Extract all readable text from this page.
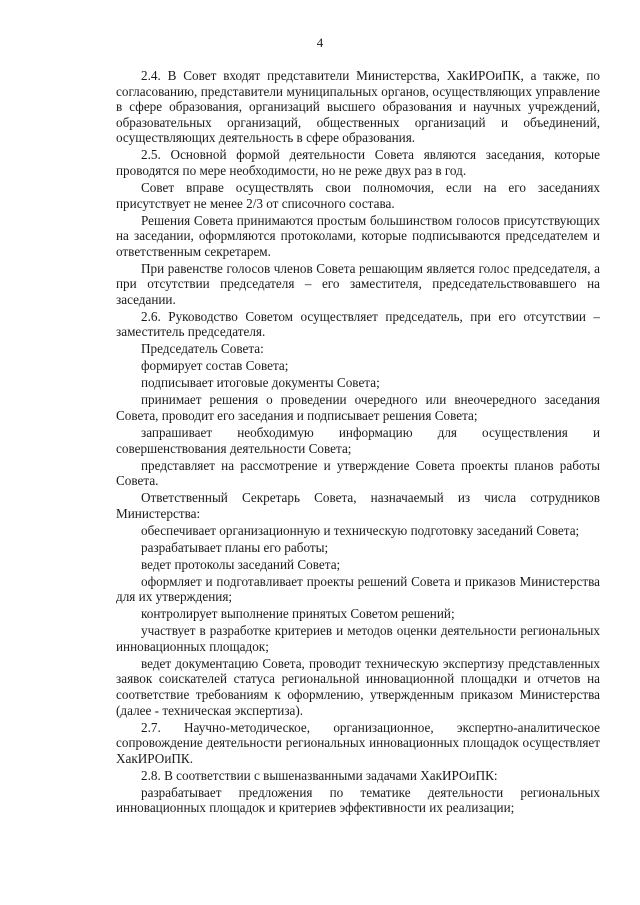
4

2.4. В Совет входят представители Министерства, ХакИРОиПК, а также, по согласованию, представители муниципальных органов, осуществляющих управление в сфере образования, организаций высшего образования и научных учреждений, образовательных организаций, общественных организаций и объединений, осуществляющих деятельность в сфере образования.

2.5. Основной формой деятельности Совета являются заседания, которые проводятся по мере необходимости, но не реже двух раз в год.

Совет вправе осуществлять свои полномочия, если на его заседаниях присутствует не менее 2/3 от списочного состава.

Решения Совета принимаются простым большинством голосов присутствующих на заседании, оформляются протоколами, которые подписываются председателем и ответственным секретарем.

При равенстве голосов членов Совета решающим является голос председателя, а при отсутствии председателя – его заместителя, председательствовавшего на заседании.

2.6. Руководство Советом осуществляет председатель, при его отсутствии – заместитель председателя.

Председатель Совета:

формирует состав Совета;

подписывает итоговые документы Совета;

принимает решения о проведении очередного или внеочередного заседания Совета, проводит его заседания и подписывает решения Совета;

запрашивает необходимую информацию для осуществления и совершенствования деятельности Совета;

представляет на рассмотрение и утверждение Совета проекты планов работы Совета.

Ответственный Секретарь Совета, назначаемый из числа сотрудников Министерства:

обеспечивает организационную и техническую подготовку заседаний Совета;

разрабатывает планы его работы;

ведет протоколы заседаний Совета;

оформляет и подготавливает проекты решений Совета и приказов Министерства для их утверждения;

контролирует выполнение принятых Советом решений;

участвует в разработке критериев и методов оценки деятельности региональных инновационных площадок;

ведет документацию Совета, проводит техническую экспертизу представленных заявок соискателей статуса региональной инновационной площадки и отчетов на соответствие требованиям к оформлению, утвержденным приказом Министерства (далее - техническая экспертиза).

2.7. Научно-методическое, организационное, экспертно-аналитическое сопровождение деятельности региональных инновационных площадок осуществляет ХакИРОиПК.

2.8. В соответствии с вышеназванными задачами ХакИРОиПК:

разрабатывает предложения по тематике деятельности региональных инновационных площадок и критериев эффективности их реализации;
